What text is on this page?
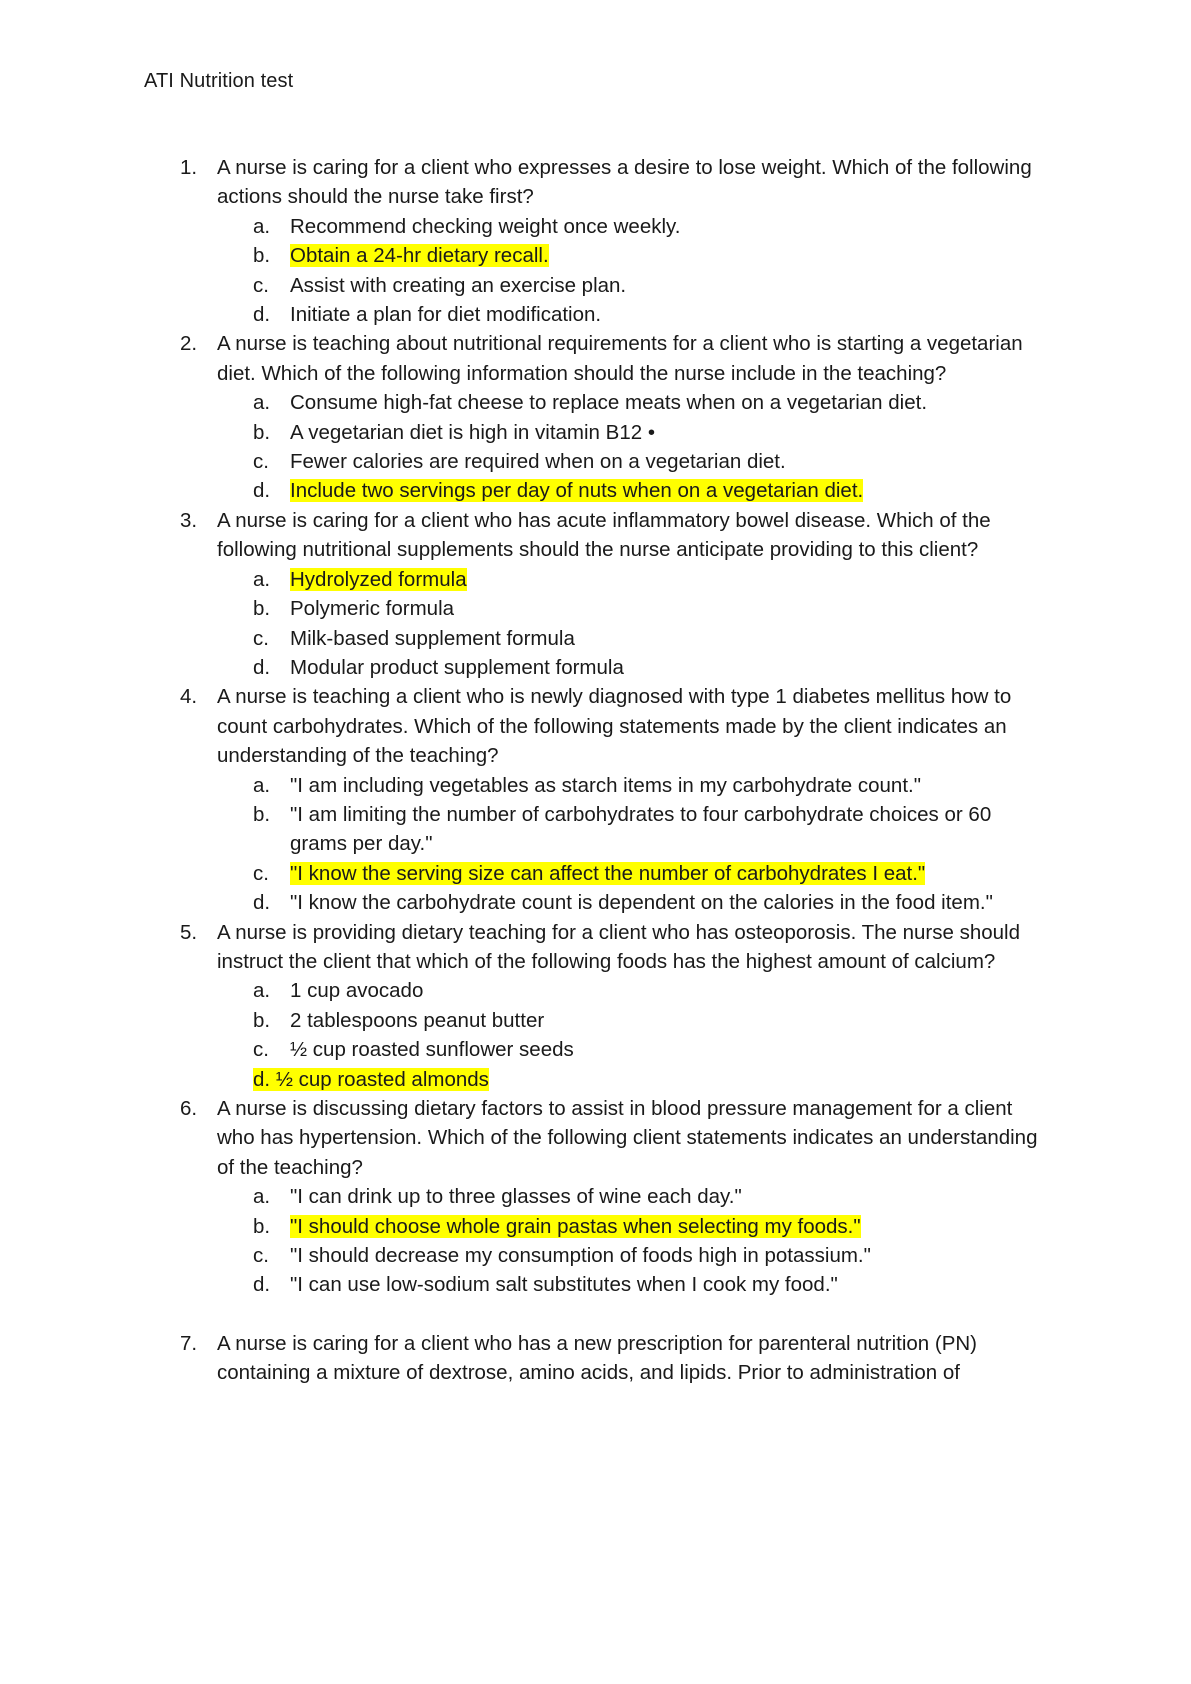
ATI Nutrition test
1. A nurse is caring for a client who expresses a desire to lose weight. Which of the following actions should the nurse take first?
a. Recommend checking weight once weekly.
b. Obtain a 24-hr dietary recall.
c. Assist with creating an exercise plan.
d. Initiate a plan for diet modification.
2. A nurse is teaching about nutritional requirements for a client who is starting a vegetarian diet. Which of the following information should the nurse include in the teaching?
a. Consume high-fat cheese to replace meats when on a vegetarian diet.
b. A vegetarian diet is high in vitamin B12 •
c. Fewer calories are required when on a vegetarian diet.
d. Include two servings per day of nuts when on a vegetarian diet.
3. A nurse is caring for a client who has acute inflammatory bowel disease. Which of the following nutritional supplements should the nurse anticipate providing to this client?
a. Hydrolyzed formula
b. Polymeric formula
c. Milk-based supplement formula
d. Modular product supplement formula
4. A nurse is teaching a client who is newly diagnosed with type 1 diabetes mellitus how to count carbohydrates. Which of the following statements made by the client indicates an understanding of the teaching?
a. "I am including vegetables as starch items in my carbohydrate count."
b. "I am limiting the number of carbohydrates to four carbohydrate choices or 60 grams per day."
c. "I know the serving size can affect the number of carbohydrates I eat."
d. "I know the carbohydrate count is dependent on the calories in the food item."
5. A nurse is providing dietary teaching for a client who has osteoporosis. The nurse should instruct the client that which of the following foods has the highest amount of calcium?
a. 1 cup avocado
b. 2 tablespoons peanut butter
c. ½ cup roasted sunflower seeds
d. ½ cup roasted almonds
6. A nurse is discussing dietary factors to assist in blood pressure management for a client who has hypertension. Which of the following client statements indicates an understanding of the teaching?
a. "I can drink up to three glasses of wine each day."
b. "I should choose whole grain pastas when selecting my foods."
c. "I should decrease my consumption of foods high in potassium."
d. "I can use low-sodium salt substitutes when I cook my food."
7. A nurse is caring for a client who has a new prescription for parenteral nutrition (PN) containing a mixture of dextrose, amino acids, and lipids. Prior to administration of
